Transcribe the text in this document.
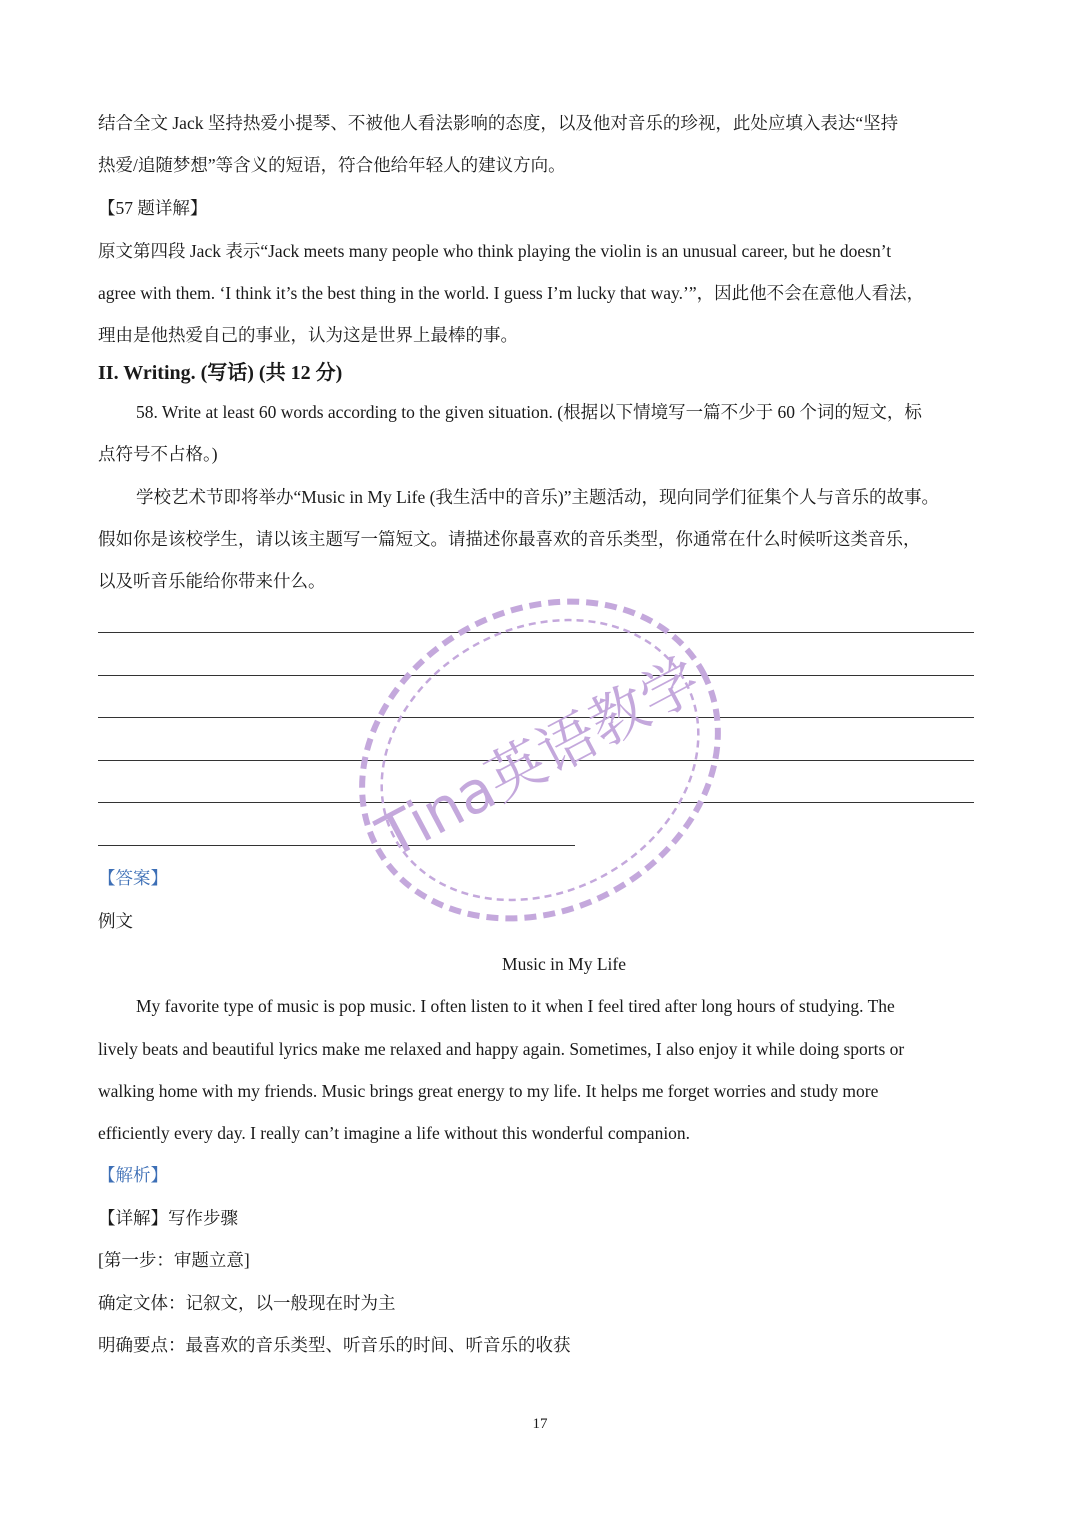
结合全文 Jack 坚持热爱小提琴、不被他人看法影响的态度，以及他对音乐的珍视，此处应填入表达“坚持
热爱/追随梦想”等含义的短语，符合他给年轻人的建议方向。
【57 题详解】
原文第四段 Jack 表示“Jack meets many people who think playing the violin is an unusual career, but he doesn’t
agree with them. ‘I think it’s the best thing in the world. I guess I’m lucky that way.’”，因此他不会在意他人看法，
理由是他热爱自己的事业，认为这是世界上最棒的事。
II. Writing. (写话) (共 12 分)
58. Write at least 60 words according to the given situation. (根据以下情境写一篇不少于 60 个词的短文，标
点符号不占格。)
学校艺术节即将举办“Music in My Life (我生活中的音乐)”主题活动，现向同学们征集个人与音乐的故事。
假如你是该校学生，请以该主题写一篇短文。请描述你最喜欢的音乐类型，你通常在什么时候听这类音乐，
以及听音乐能给你带来什么。
【答案】
例文
Music in My Life
My favorite type of music is pop music. I often listen to it when I feel tired after long hours of studying. The
lively beats and beautiful lyrics make me relaxed and happy again. Sometimes, I also enjoy it while doing sports or
walking home with my friends. Music brings great energy to my life. It helps me forget worries and study more
efficiently every day. I really can’t imagine a life without this wonderful companion.
【解析】
【详解】写作步骤
[第一步：审题立意]
确定文体：记叙文，以一般现在时为主
明确要点：最喜欢的音乐类型、听音乐的时间、听音乐的收获
17
Tina英语教学
